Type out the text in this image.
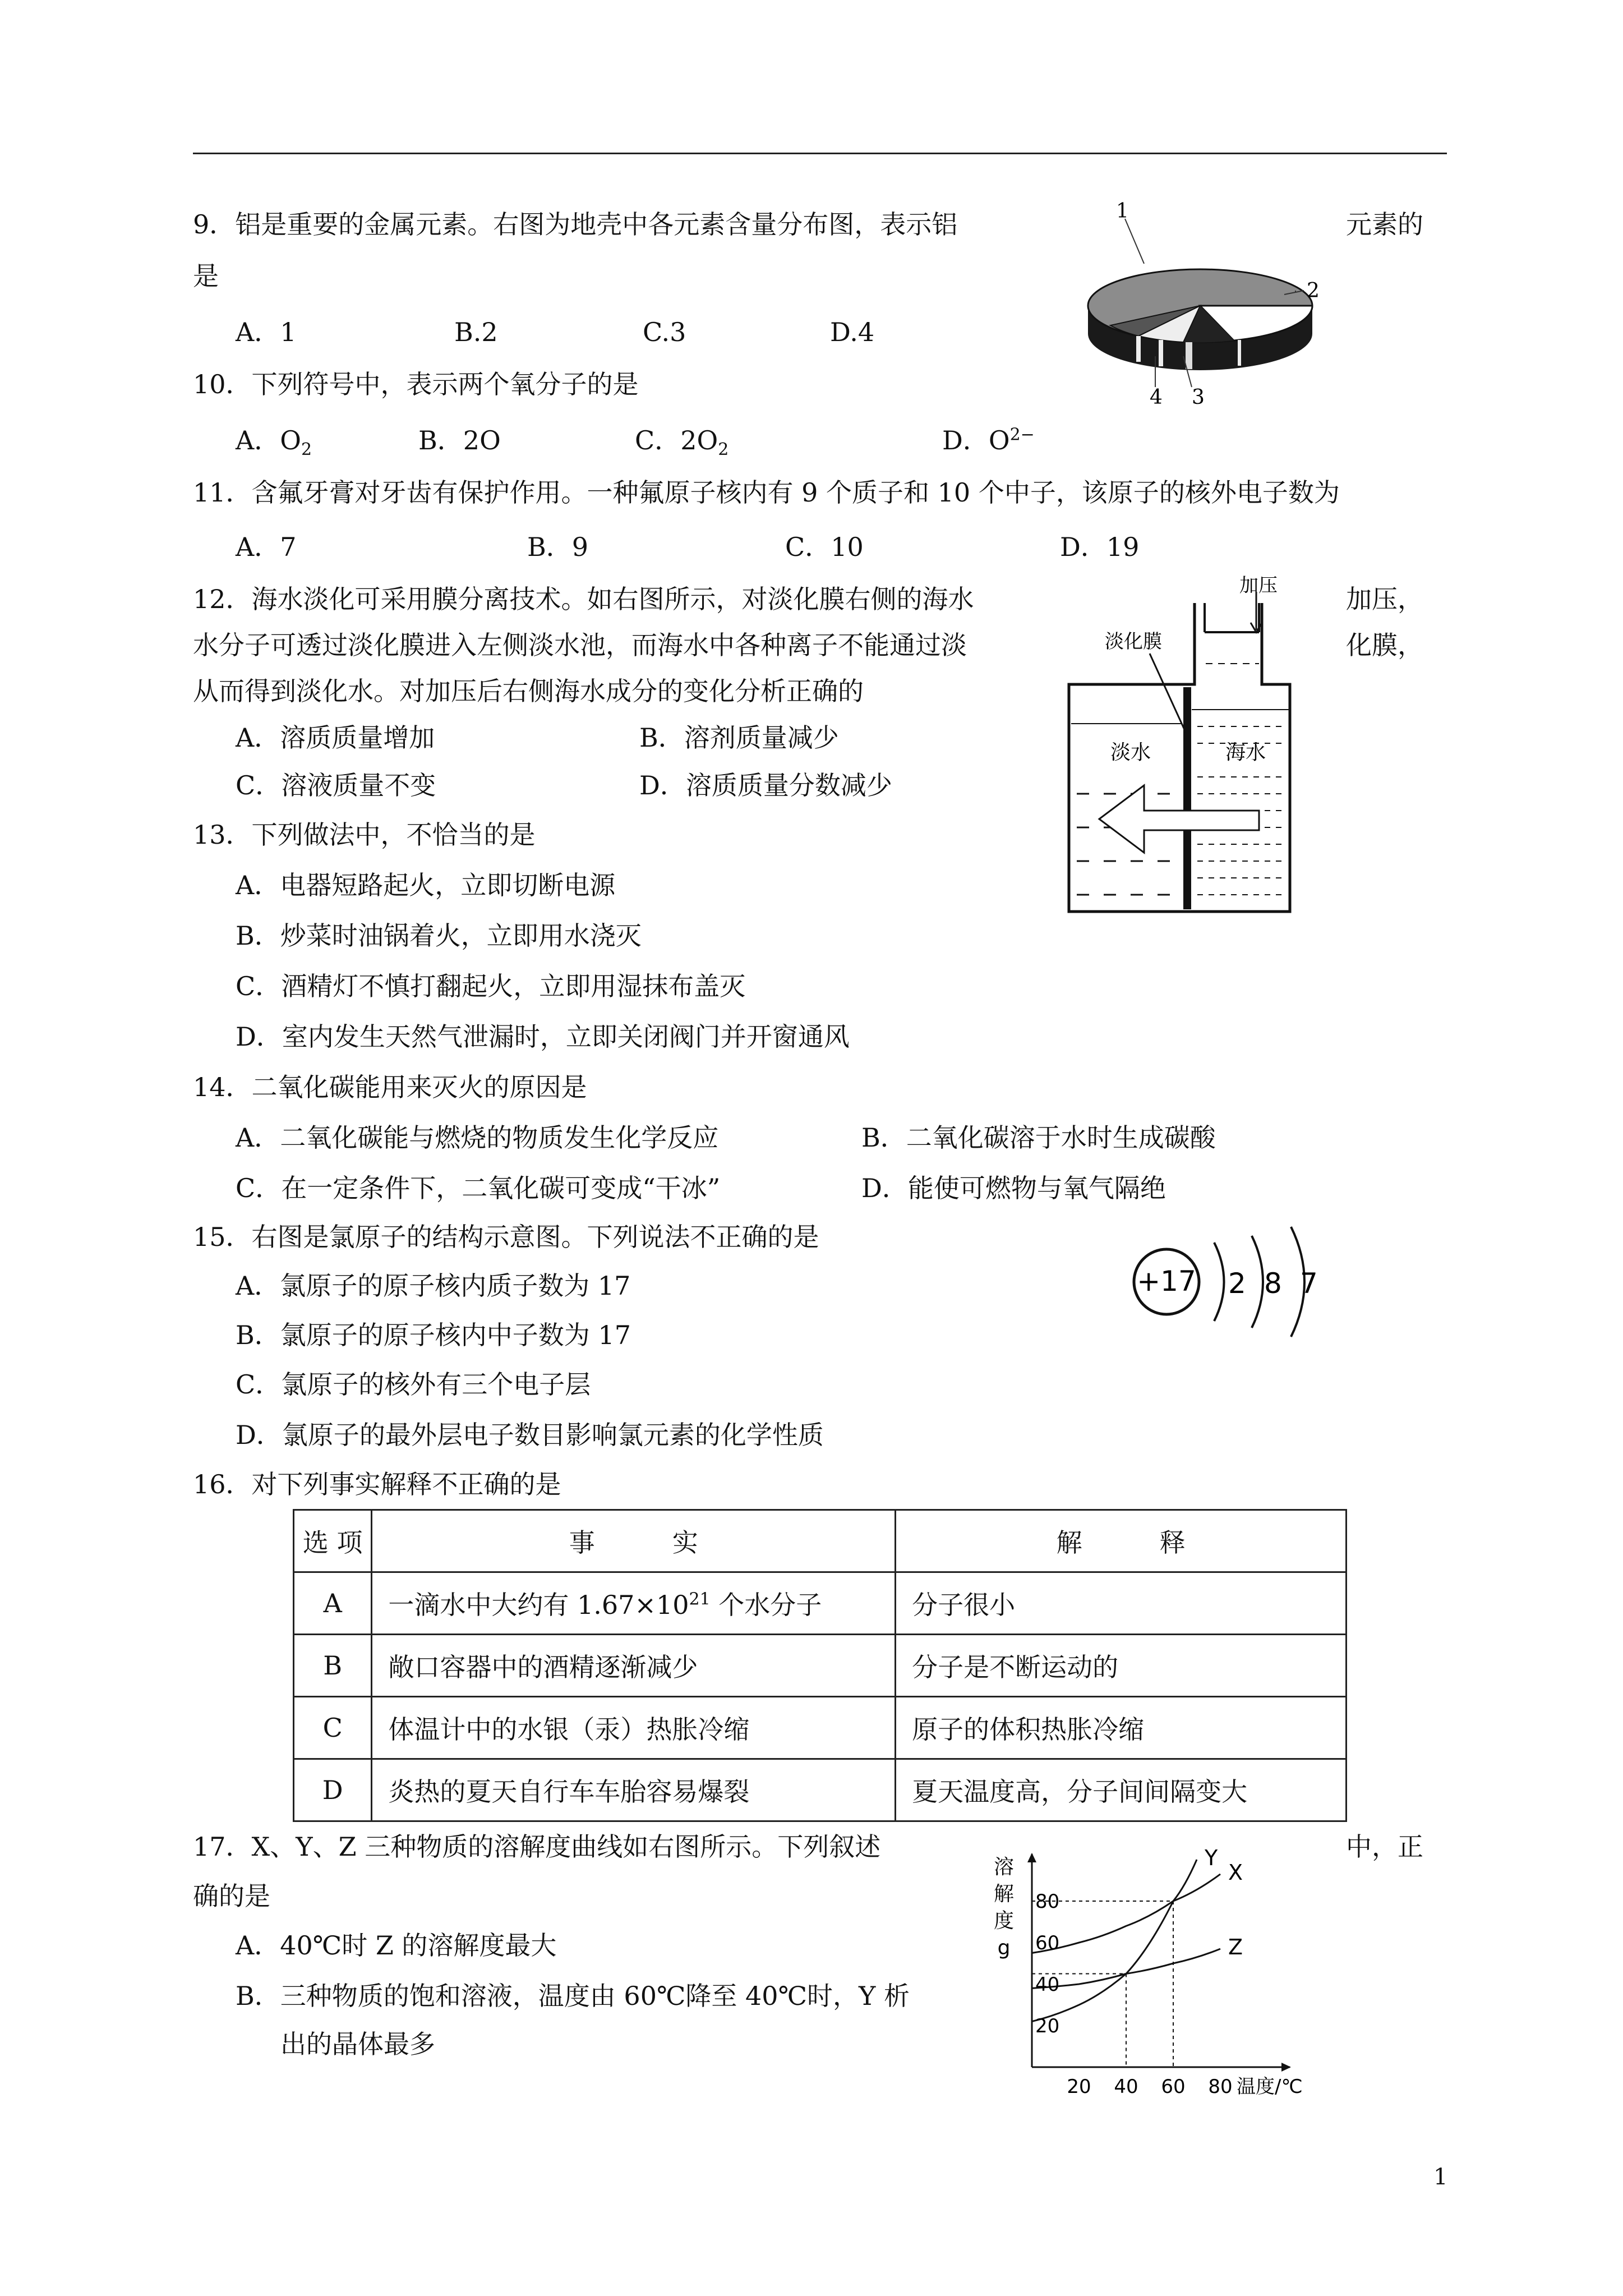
9．铝是重要的金属元素。右图为地壳中各元素含量分布图，表示铝	元素的
是
A．1	B.2	C.3	D.4
1
2
3
4
10．下列符号中，表示两个氧分子的是
A．$O_2$	B．2O	C．$2O_2$	D．$O^{2-}$
11．含氟牙膏对牙齿有保护作用。一种氟原子核内有 9 个质子和 10 个中子，该原子的核外电子数为
A．7	B．9	C．10	D．19
12．海水淡化可采用膜分离技术。如右图所示，对淡化膜右侧的海水	加压，
水分子可透过淡化膜进入左侧淡水池，而海水中各种离子不能通过淡	化膜，
从而得到淡化水。对加压后右侧海水成分的变化分析正确的
A．溶质质量增加	B．溶剂质量减少
C．溶液质量不变	D．溶质质量分数减少
加压
淡水	海水
淡化膜
13．下列做法中，不恰当的是
A．电器短路起火，立即切断电源
B．炒菜时油锅着火，立即用水浇灭
C．酒精灯不慎打翻起火，立即用湿抹布盖灭
D．室内发生天然气泄漏时，立即关闭阀门并开窗通风
14．二氧化碳能用来灭火的原因是
A．二氧化碳能与燃烧的物质发生化学反应	B．二氧化碳溶于水时生成碳酸
C．在一定条件下，二氧化碳可变成“干冰”	D．能使可燃物与氧气隔绝
15．右图是氯原子的结构示意图。下列说法不正确的是
A．氯原子的原子核内质子数为 17
B．氯原子的原子核内中子数为 17
C．氯原子的核外有三个电子层
D．氯原子的最外层电子数目影响氯元素的化学性质
+17 2 8 7
16．对下列事实解释不正确的是
选 项	事　　　实	解　　　释
A	一滴水中大约有 $1.67\times 10^{21}$ 个水分子	分子很小
B	敞口容器中的酒精逐渐减少	分子是不断运动的
C	体温计中的水银（汞）热胀冷缩	原子的体积热胀冷缩
D	炎热的夏天自行车车胎容易爆裂	夏天温度高，分子间间隔变大
17．X、Y、Z 三种物质的溶解度曲线如右图所示。下列叙述	中，正
确的是
A．40℃时 Z 的溶解度最大
B．三种物质的饱和溶液，温度由 60℃降至 40℃时，Y 析
出的晶体最多
Y
X
Z
20 40 60 80
20
40
60
80
温度/℃
溶
解
度
g
1
